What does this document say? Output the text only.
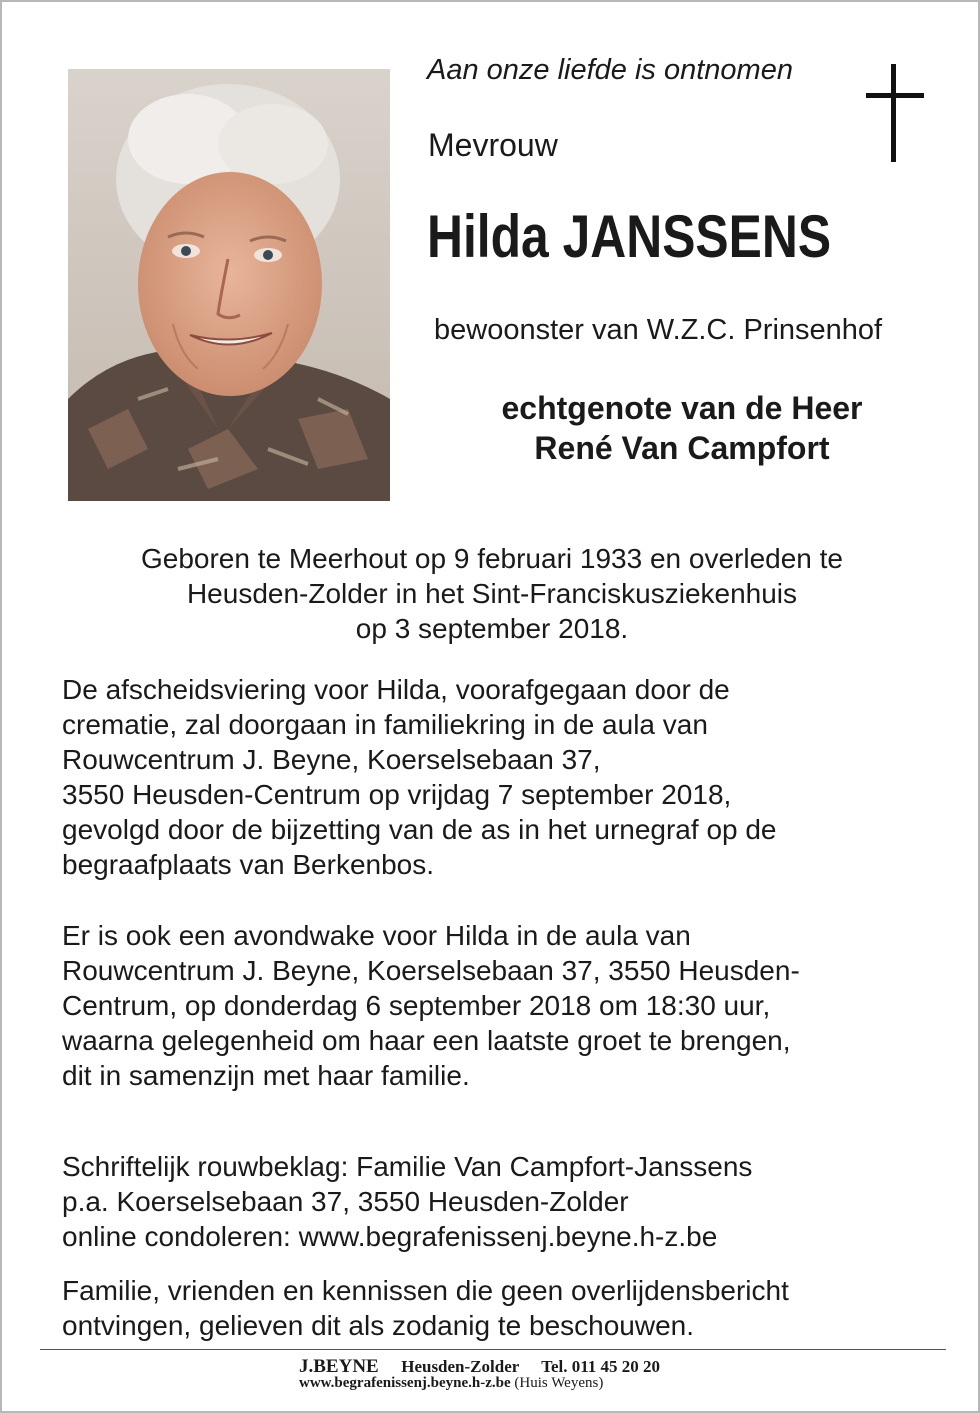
Aan onze liefde is ontnomen
Mevrouw
Hilda JANSSENS
bewoonster van W.Z.C. Prinsenhof
echtgenote van de Heer
René Van Campfort
Geboren te Meerhout op 9 februari 1933 en overleden te
Heusden-Zolder in het Sint-Franciskusziekenhuis
op 3 september 2018.
De afscheidsviering voor Hilda, voorafgegaan door de
crematie, zal doorgaan in familiekring in de aula van
Rouwcentrum J. Beyne, Koerselsebaan 37,
3550 Heusden-Centrum op vrijdag 7 september 2018,
gevolgd door de bijzetting van de as in het urnegraf op de
begraafplaats van Berkenbos.
Er is ook een avondwake voor Hilda in de aula van
Rouwcentrum J. Beyne, Koerselsebaan 37, 3550 Heusden-
Centrum, op donderdag 6 september 2018 om 18:30 uur,
waarna gelegenheid om haar een laatste groet te brengen,
dit in samenzijn met haar familie.
Schriftelijk rouwbeklag: Familie Van Campfort-Janssens
p.a. Koerselsebaan 37, 3550 Heusden-Zolder
online condoleren: www.begrafenissenj.beyne.h-z.be
Familie, vrienden en kennissen die geen overlijdensbericht
ontvingen, gelieven dit als zodanig te beschouwen.
J.BEYNE Heusden-Zolder Tel. 011 45 20 20
www.begrafenissenj.beyne.h-z.be (Huis Weyens)
